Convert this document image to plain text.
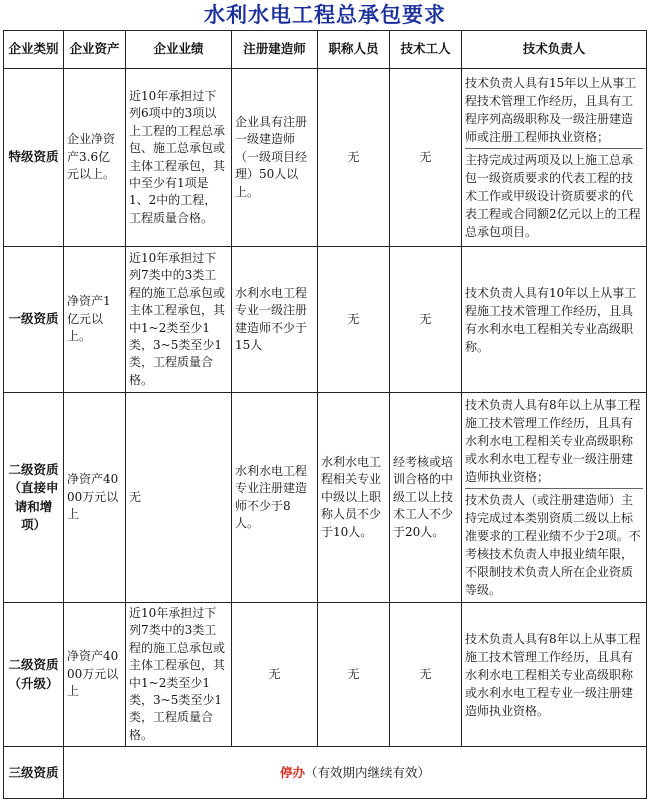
水利水电工程总承包要求
企业类别	企业资产	企业业绩	注册建造师	职称人员	技术工人	技术负责人
特级资质	企业净资产3.6亿元以上。	近10年承担过下列6项中的3项以上工程的工程总承包、施工总承包或主体工程承包，其中至少有1项是1、2中的工程，工程质量合格。	企业具有注册一级建造师（一级项目经理）50人以上。	无	无	技术负责人具有15年以上从事工程技术管理工作经历，且具有工程序列高级职称及一级注册建造师或注册工程师执业资格；
主持完成过两项及以上施工总承包一级资质要求的代表工程的技术工作或甲级设计资质要求的代表工程或合同额2亿元以上的工程总承包项目。

一级资质	净资产1亿元以上。	近10年承担过下列7类中的3类工程的施工总承包或主体工程承包，其中1~2类至少1类，3~5类至少1类，工程质量合格。	水利水电工程专业一级注册建造师不少于15人	无	无	技术负责人具有10年以上从事工程施工技术管理工作经历，且具有水利水电工程相关专业高级职称。

二级资质（直接申请和增项）	净资产4000万元以上	无	水利水电工程专业注册建造师不少于8人。	水利水电工程相关专业中级以上职称人员不少于10人。	经考核或培训合格的中级工以上技术工人不少于20人。	技术负责人具有8年以上从事工程施工技术管理工作经历，且具有水利水电工程相关专业高级职称或水利水电工程专业一级注册建造师执业资格；
技术负责人（或注册建造师）主持完成过本类别资质二级以上标准要求的工程业绩不少于2项。不考核技术负责人申报业绩年限，不限制技术负责人所在企业资质等级。

二级资质（升级）	净资产4000万元以上	近10年承担过下列7类中的3类工程的施工总承包或主体工程承包，其中1~2类至少1类，3~5类至少1类，工程质量合格。	无	无	无	技术负责人具有8年以上从事工程施工技术管理工作经历，且具有水利水电工程相关专业高级职称或水利水电工程专业一级注册建造师执业资格。

三级资质	停办（有效期内继续有效）					
